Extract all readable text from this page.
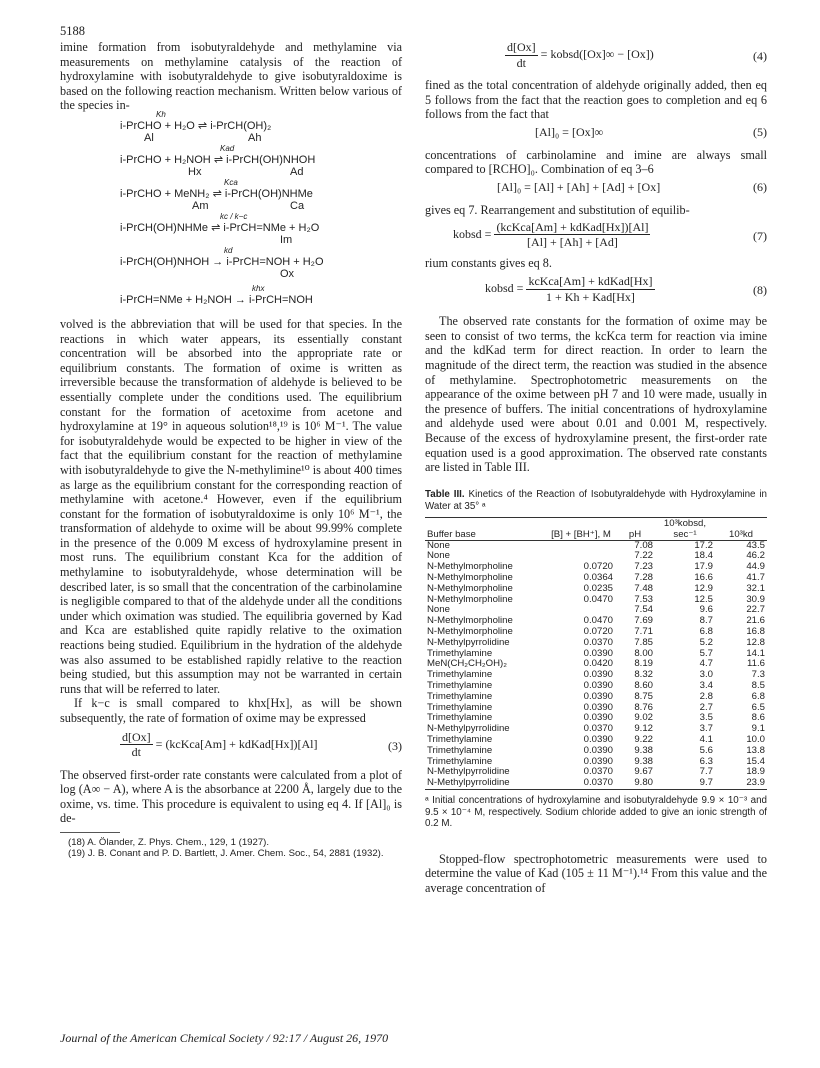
5188

imine formation from isobutyraldehyde and methylamine via measurements on methylamine catalysis of the reaction of hydroxylamine with isobutyraldehyde to give isobutyraldoxime is based on the following reaction mechanism. Written below various of the species in-

i-PrCHO + H₂O ⇌ i-PrCH(OH)₂
Kh
Al	Ah
i-PrCHO + H₂NOH ⇌ i-PrCH(OH)NHOH
Kad
Hx	Ad
i-PrCHO + MeNH₂ ⇌ i-PrCH(OH)NHMe
Kca
Am	Ca
i-PrCH(OH)NHMe ⇌ i-PrCH=NMe + H₂O
kc / k−c
Im
i-PrCH(OH)NHOH → i-PrCH=NOH + H₂O
kd
Ox
i-PrCH=NMe + H₂NOH → i-PrCH=NOH
khx

volved is the abbreviation that will be used for that species. In the reactions in which water appears, its essentially constant concentration will be absorbed into the appropriate rate or equilibrium constants. The formation of oxime is written as irreversible because the transformation of aldehyde is believed to be essentially complete under the conditions used. The equilibrium constant for the formation of acetoxime from acetone and hydroxylamine at 19° in aqueous solution¹⁸,¹⁹ is 10⁶ M⁻¹. The value for isobutyraldehyde would be expected to be higher in view of the fact that the equilibrium constant for the reaction of methylamine with isobutyraldehyde to give the N-methylimine¹⁰ is about 400 times as large as the equilibrium constant for the corresponding reaction of methylamine with acetone.⁴ However, even if the equilibrium constant for the formation of isobutyraldoxime is only 10⁶ M⁻¹, the transformation of aldehyde to oxime will be about 99.99% complete in the presence of the 0.009 M excess of hydroxylamine present in most runs. The equilibrium constant Kca for the addition of methylamine to isobutyraldehyde, whose determination will be described later, is so small that the concentration of the carbinolamine is negligible compared to that of the aldehyde under all the conditions under which oximation was studied. The equilibria governed by Kad and Kca are established quite rapidly relative to the oximation reactions being studied. Equilibrium in the hydration of the aldehyde was also assumed to be established rapidly relative to the reaction being studied, but this assumption may not be warranted in certain runs that will be referred to later.

If k−c is small compared to khx[Hx], as will be shown subsequently, the rate of formation of oxime may be expressed

$\frac{d[Ox]}{dt}$ = (kcKca[Am] + kdKad[Hx])[Al]	(3)

The observed first-order rate constants were calculated from a plot of log (A∞ − A), where A is the absorbance at 2200 Å, largely due to the oxime, vs. time. This procedure is equivalent to using eq 4. If [Al]₀ is de-

(18) A. Ölander, Z. Phys. Chem., 129, 1 (1927).
(19) J. B. Conant and P. D. Bartlett, J. Amer. Chem. Soc., 54, 2881 (1932).
$\frac{d[Ox]}{dt}$ = kobsd([Ox]∞ − [Ox])	(4)

fined as the total concentration of aldehyde originally added, then eq 5 follows from the fact that the reaction goes to completion and eq 6 follows from the fact that

[Al]₀ = [Ox]∞	(5)

concentrations of carbinolamine and imine are always small compared to [RCHO]₀. Combination of eq 3–6

[Al]₀ = [Al] + [Ah] + [Ad] + [Ox]	(6)

gives eq 7. Rearrangement and substitution of equilib-

kobsd = $\frac{\text{(kcKca[Am] + kdKad[Hx])[Al]}}{[Al] + [Ah] + [Ad]}$	(7)

rium constants gives eq 8.

kobsd = $\frac{\text{kcKca[Am] + kdKad[Hx]}}{\text{1 + Kh + Kad[Hx]}}$	(8)

The observed rate constants for the formation of oxime may be seen to consist of two terms, the kcKca term for reaction via imine and the kdKad term for direct reaction. In order to learn the magnitude of the direct term, the reaction was studied in the absence of methylamine. Spectrophotometric measurements on the appearance of the oxime between pH 7 and 10 were made, usually in the presence of buffers. The initial concentrations of hydroxylamine and aldehyde used were about 0.01 and 0.001 M, respectively. Because of the excess of hydroxylamine present, the first-order rate equation used is a good approximation. The observed rate constants are listed in Table III.

Table III. Kinetics of the Reaction of Isobutyraldehyde with Hydroxylamine in Water at 35° ᵃ
Buffer base	[B] + [BH⁺], M	pH	10³kobsd, sec⁻¹	10³kd
None		7.08	17.2	43.5
None		7.22	18.4	46.2
N-Methylmorpholine	0.0720	7.23	17.9	44.9
N-Methylmorpholine	0.0364	7.28	16.6	41.7
N-Methylmorpholine	0.0235	7.48	12.9	32.1
N-Methylmorpholine	0.0470	7.53	12.5	30.9
None		7.54	9.6	22.7
N-Methylmorpholine	0.0470	7.69	8.7	21.6
N-Methylmorpholine	0.0720	7.71	6.8	16.8
N-Methylpyrrolidine	0.0370	7.85	5.2	12.8
Trimethylamine	0.0390	8.00	5.7	14.1
MeN(CH₂CH₂OH)₂	0.0420	8.19	4.7	11.6
Trimethylamine	0.0390	8.32	3.0	7.3
Trimethylamine	0.0390	8.60	3.4	8.5
Trimethylamine	0.0390	8.75	2.8	6.8
Trimethylamine	0.0390	8.76	2.7	6.5
Trimethylamine	0.0390	9.02	3.5	8.6
N-Methylpyrrolidine	0.0370	9.12	3.7	9.1
Trimethylamine	0.0390	9.22	4.1	10.0
Trimethylamine	0.0390	9.38	5.6	13.8
Trimethylamine	0.0390	9.38	6.3	15.4
N-Methylpyrrolidine	0.0370	9.67	7.7	18.9
N-Methylpyrrolidine	0.0370	9.80	9.7	23.9
ᵃ Initial concentrations of hydroxylamine and isobutyraldehyde 9.9 × 10⁻³ and 9.5 × 10⁻⁴ M, respectively. Sodium chloride added to give an ionic strength of 0.2 M.

Stopped-flow spectrophotometric measurements were used to determine the value of Kad (105 ± 11 M⁻¹).¹⁴ From this value and the average concentration of

Journal of the American Chemical Society / 92:17 / August 26, 1970
